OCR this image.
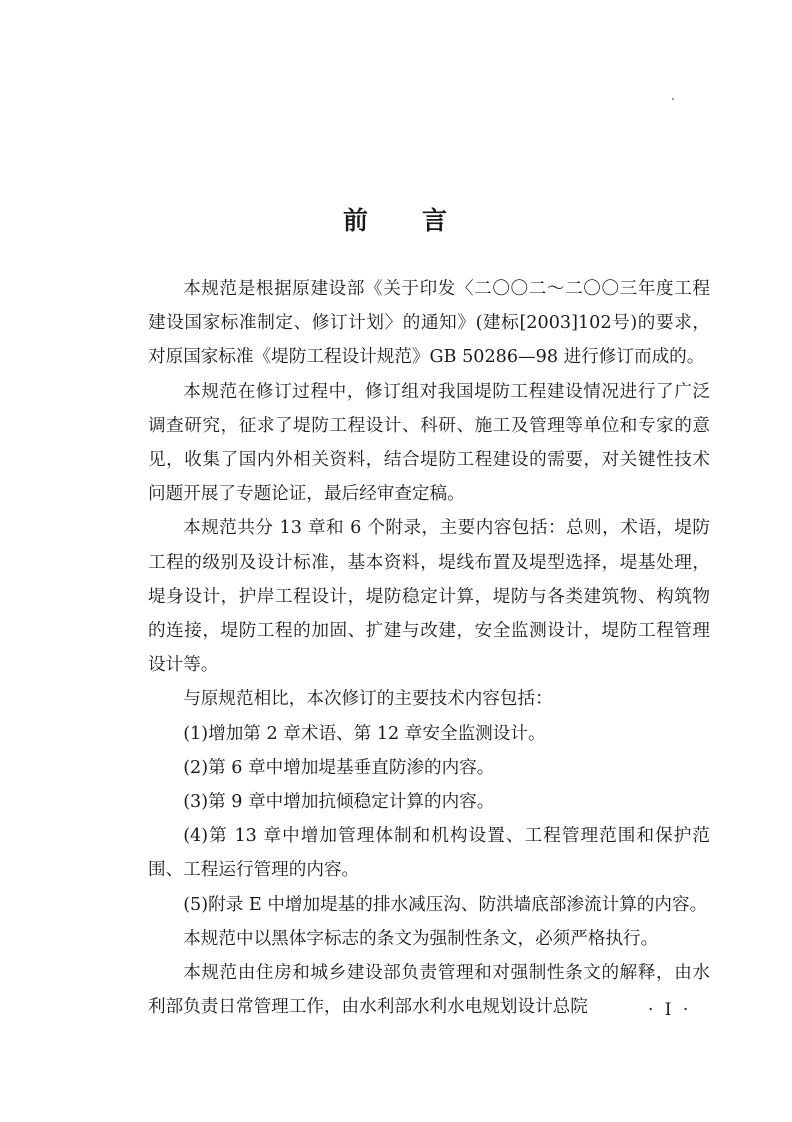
前 言

本规范是根据原建设部《关于印发〈二〇〇二～二〇〇三年度工程建设国家标准制定、修订计划〉的通知》(建标[2003]102号)的要求，对原国家标准《堤防工程设计规范》GB 50286—98 进行修订而成的。

本规范在修订过程中，修订组对我国堤防工程建设情况进行了广泛调查研究，征求了堤防工程设计、科研、施工及管理等单位和专家的意见，收集了国内外相关资料，结合堤防工程建设的需要，对关键性技术问题开展了专题论证，最后经审查定稿。

本规范共分 13 章和 6 个附录，主要内容包括：总则，术语，堤防工程的级别及设计标准，基本资料，堤线布置及堤型选择，堤基处理，堤身设计，护岸工程设计，堤防稳定计算，堤防与各类建筑物、构筑物的连接，堤防工程的加固、扩建与改建，安全监测设计，堤防工程管理设计等。

与原规范相比，本次修订的主要技术内容包括：

(1)增加第 2 章术语、第 12 章安全监测设计。

(2)第 6 章中增加堤基垂直防渗的内容。

(3)第 9 章中增加抗倾稳定计算的内容。

(4)第 13 章中增加管理体制和机构设置、工程管理范围和保护范围、工程运行管理的内容。

(5)附录 E 中增加堤基的排水减压沟、防洪墙底部渗流计算的内容。

本规范中以黑体字标志的条文为强制性条文，必须严格执行。

本规范由住房和城乡建设部负责管理和对强制性条文的解释，由水利部负责日常管理工作，由水利部水利水电规划设计总院	· I ·
